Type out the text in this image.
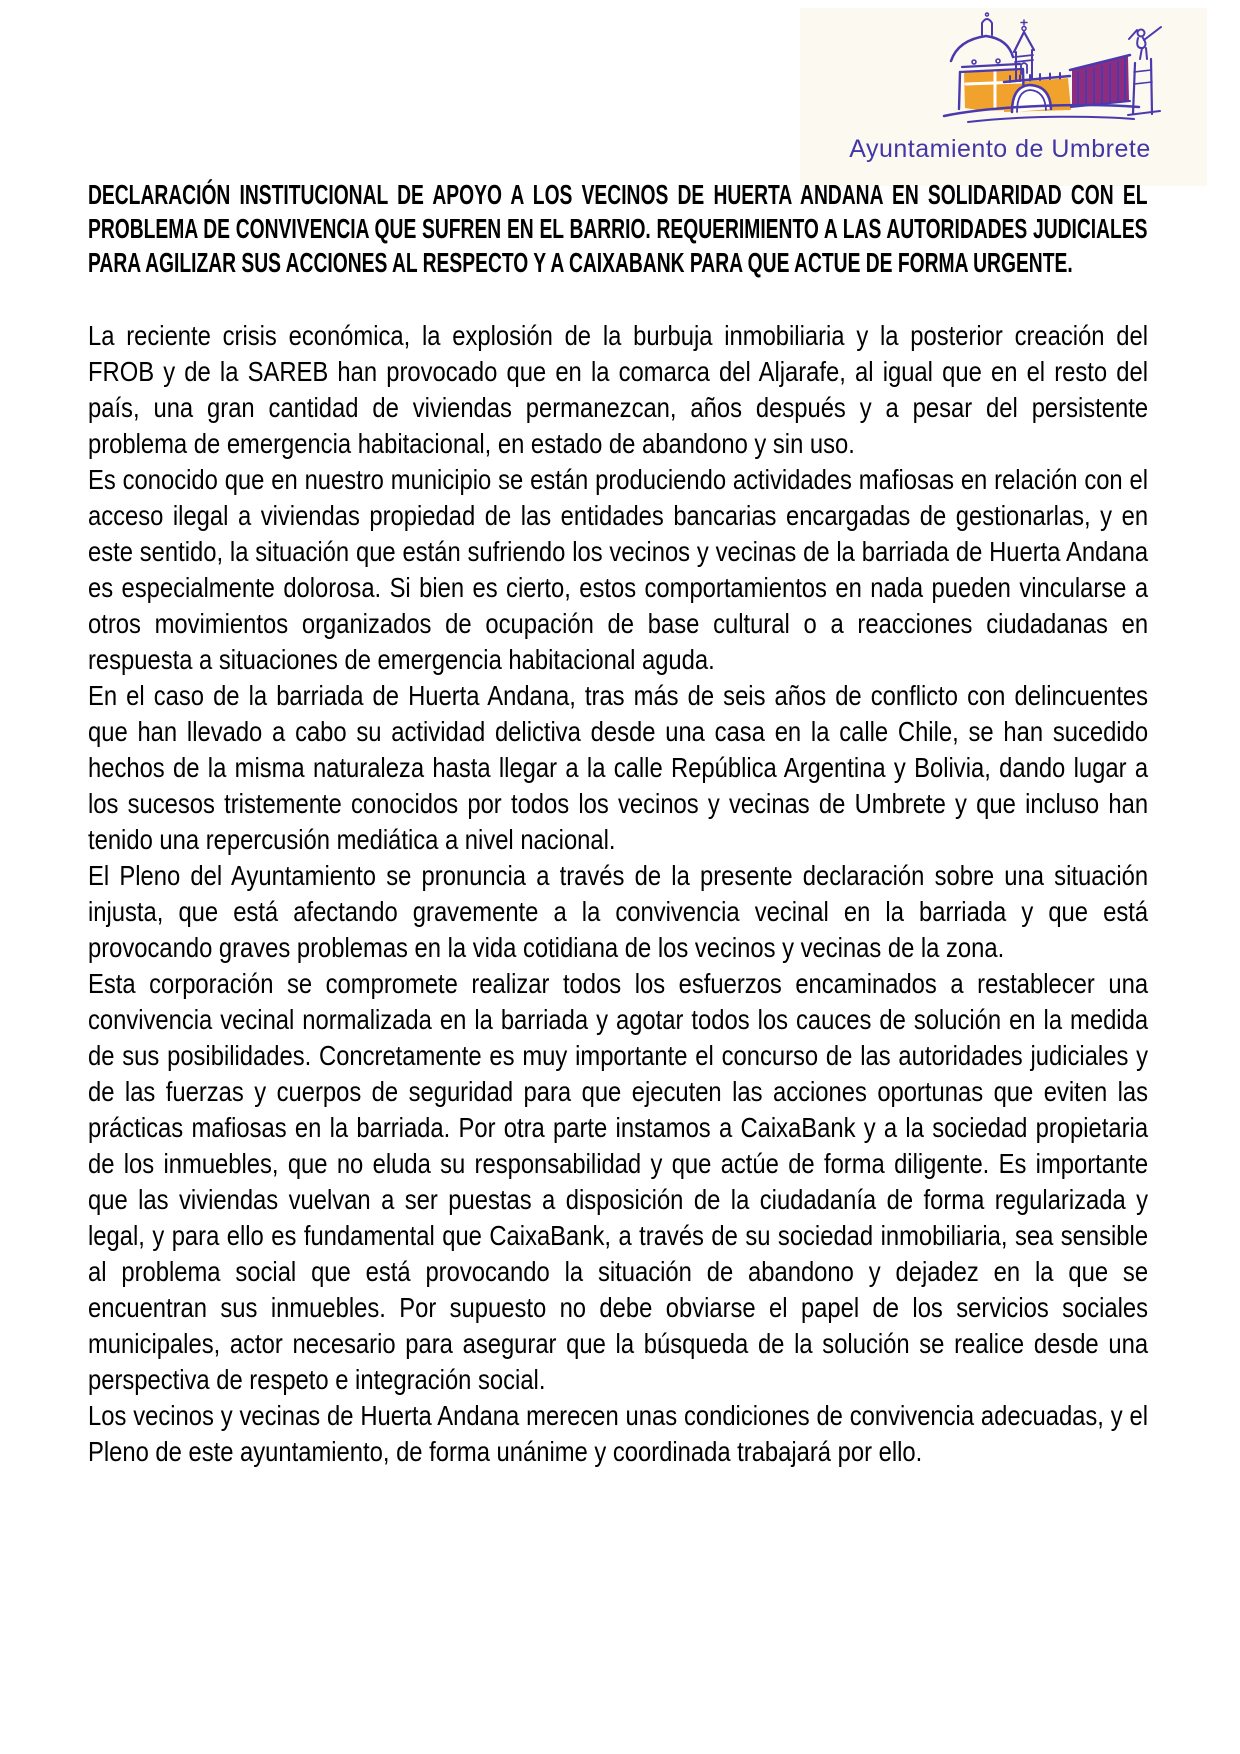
Ayuntamiento de Umbrete
DECLARACIÓN INSTITUCIONAL DE APOYO A LOS VECINOS DE HUERTA ANDANA EN SOLIDARIDAD CON EL PROBLEMA DE CONVIVENCIA QUE SUFREN EN EL BARRIO. REQUERIMIENTO A LAS AUTORIDADES JUDICIALES PARA AGILIZAR SUS ACCIONES AL RESPECTO Y A CAIXABANK PARA QUE ACTUE DE FORMA URGENTE.

La reciente crisis económica, la explosión de la burbuja inmobiliaria y la posterior creación del FROB y de la SAREB han provocado que en la comarca del Aljarafe, al igual que en el resto del país, una gran cantidad de viviendas permanezcan, años después y a pesar del persistente problema de emergencia habitacional, en estado de abandono y sin uso.

Es conocido que en nuestro municipio se están produciendo actividades mafiosas en relación con el acceso ilegal a viviendas propiedad de las entidades bancarias encargadas de gestionarlas, y en este sentido, la situación que están sufriendo los vecinos y vecinas de la barriada de Huerta Andana es especialmente dolorosa. Si bien es cierto, estos comportamientos en nada pueden vincularse a otros movimientos organizados de ocupación de base cultural o a reacciones ciudadanas en respuesta a situaciones de emergencia habitacional aguda.

En el caso de la barriada de Huerta Andana, tras más de seis años de conflicto con delincuentes que han llevado a cabo su actividad delictiva desde una casa en la calle Chile, se han sucedido hechos de la misma naturaleza hasta llegar a la calle República Argentina y Bolivia, dando lugar a los sucesos tristemente conocidos por todos los vecinos y vecinas de Umbrete y que incluso han tenido una repercusión mediática a nivel nacional.

El Pleno del Ayuntamiento se pronuncia a través de la presente declaración sobre una situación injusta, que está afectando gravemente a la convivencia vecinal en la barriada y que está provocando graves problemas en la vida cotidiana de los vecinos y vecinas de la zona.

Esta corporación se compromete realizar todos los esfuerzos encaminados a restablecer una convivencia vecinal normalizada en la barriada y agotar todos los cauces de solución en la medida de sus posibilidades. Concretamente es muy importante el concurso de las autoridades judiciales y de las fuerzas y cuerpos de seguridad para que ejecuten las acciones oportunas que eviten las prácticas mafiosas en la barriada. Por otra parte instamos a CaixaBank y a la sociedad propietaria de los inmuebles, que no eluda su responsabilidad y que actúe de forma diligente. Es importante que las viviendas vuelvan a ser puestas a disposición de la ciudadanía de forma regularizada y legal, y para ello es fundamental que CaixaBank, a través de su sociedad inmobiliaria, sea sensible al problema social que está provocando la situación de abandono y dejadez en la que se encuentran sus inmuebles. Por supuesto no debe obviarse el papel de los servicios sociales municipales, actor necesario para asegurar que la búsqueda de la solución se realice desde una perspectiva de respeto e integración social.

Los vecinos y vecinas de Huerta Andana merecen unas condiciones de convivencia adecuadas, y el Pleno de este ayuntamiento, de forma unánime y coordinada trabajará por ello.
